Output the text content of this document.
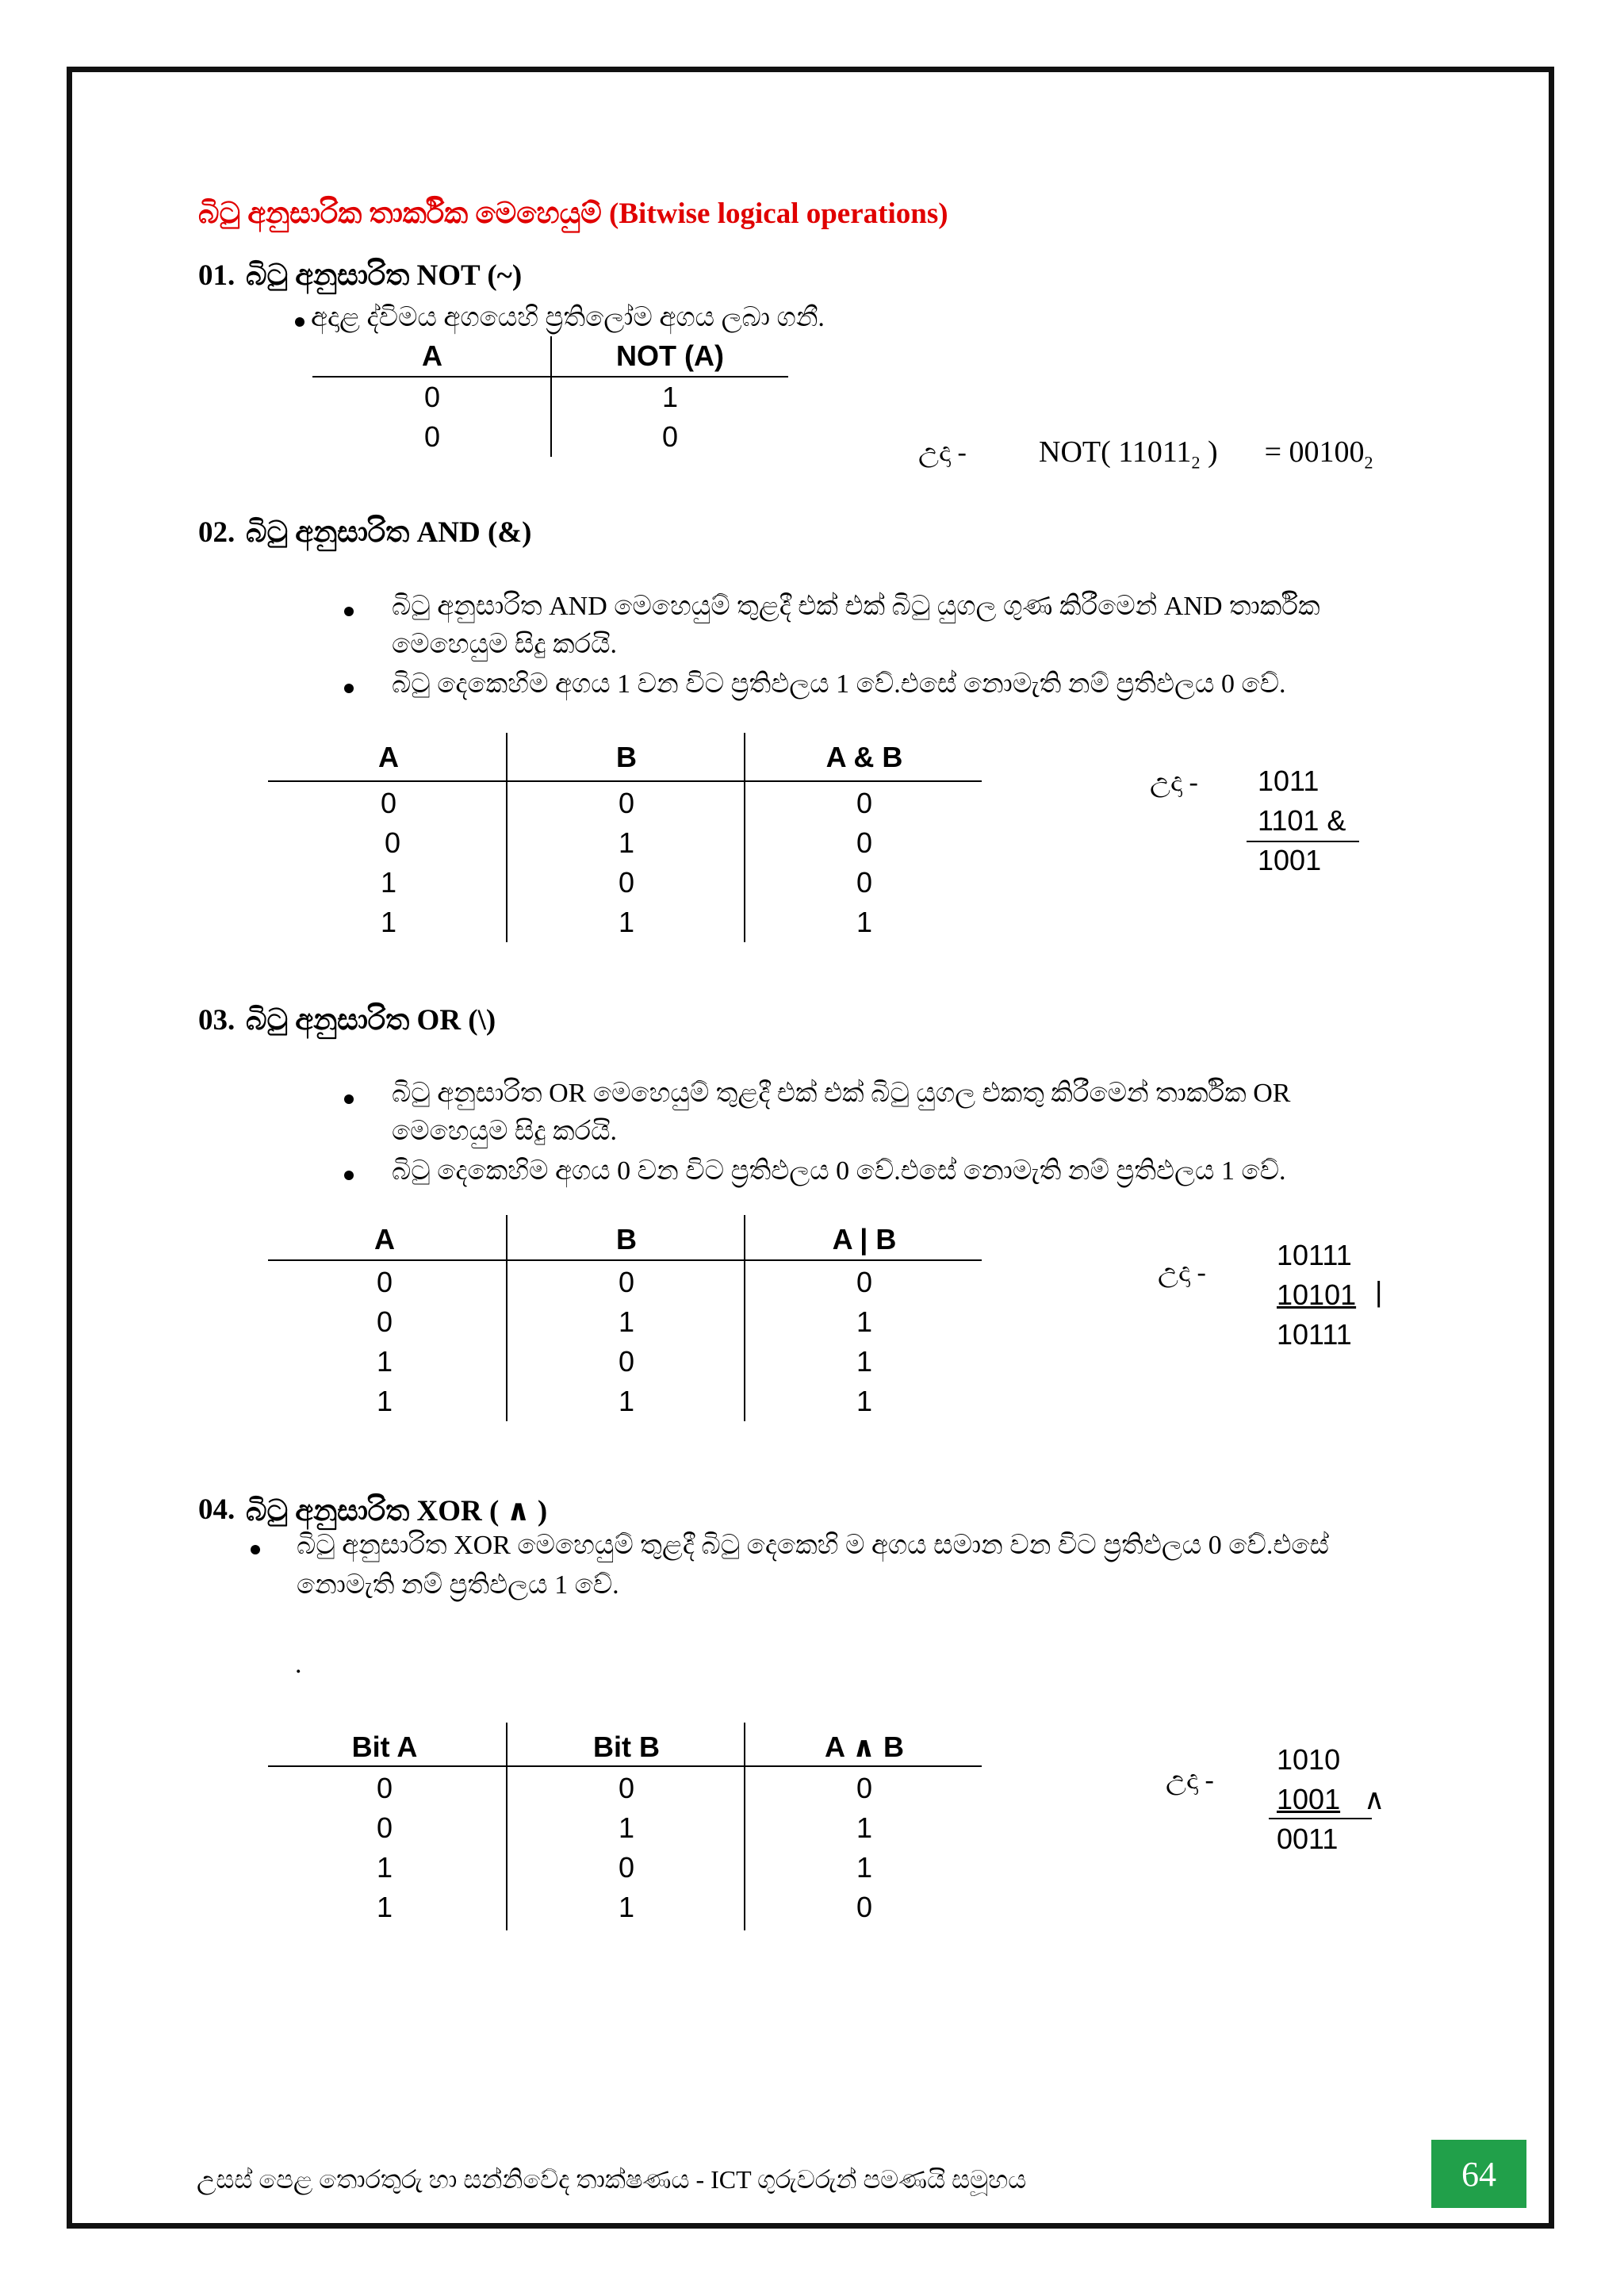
බිටු අනුසාරික තාර්කික මෙහෙයුම් (Bitwise logical operations)
01. බිටු අනුසාරිත NOT (~)
අදාළ ද්විමය අගයෙහි ප්‍රතිලෝම අගය ලබා ගනී.
A	NOT (A)
0	1
0	0	උදා - NOT( $11011_2$ ) = $00100_2$
02. බිටු අනුසාරිත AND (&)
බිටු අනුසාරිත AND මෙහෙයුම් තුළදී එක් එක් බිටු යුගල ගුණ කිරීමෙන් AND තාර්කික
මෙහෙයුම සිදු කරයි.
බිටු දෙකෙහිම අගය 1 වන විට ප්‍රතිඵලය 1 වේ.එසේ නොමැති නම් ප්‍රතිඵලය 0 වේ.
A	B	A & B
0	0	0
0	1	0
1	0	0
1	1	1
උදා - 1011
1101 &
1001
03. බිටු අනුසාරිත OR (\)
බිටු අනුසාරිත OR මෙහෙයුම් තුළදී එක් එක් බිටු යුගල එකතු කිරීමෙන් තාර්කික OR
මෙහෙයුම සිදු කරයි.
බිටු දෙකෙහිම අගය 0 වන විට ප්‍රතිඵලය 0 වේ.එසේ නොමැති නම් ප්‍රතිඵලය 1 වේ.
A	B	A | B
0	0	0
0	1	1
1	0	1
1	1	1
උදා -
10111
10101 |
10111
04. බිටු අනුසාරිත XOR ( ∧ )
බිටු අනුසාරිත XOR මෙහෙයුම් තුළදී බිටු දෙකෙහි ම අගය සමාන වන විට ප්‍රතිඵලය 0 වේ.එසේ
නොමැති නම් ප්‍රතිඵලය 1 වේ.
.
Bit A	Bit B	A ∧ B
0	0	0
0	1	1
1	0	1
1	1	0
උදා -
1010
1001 ∧
0011
උසස් පෙළ තොරතුරු හා සන්නිවේද තාක්ෂණය - ICT ගුරුවරුන් පමණයි සමූහය	64
